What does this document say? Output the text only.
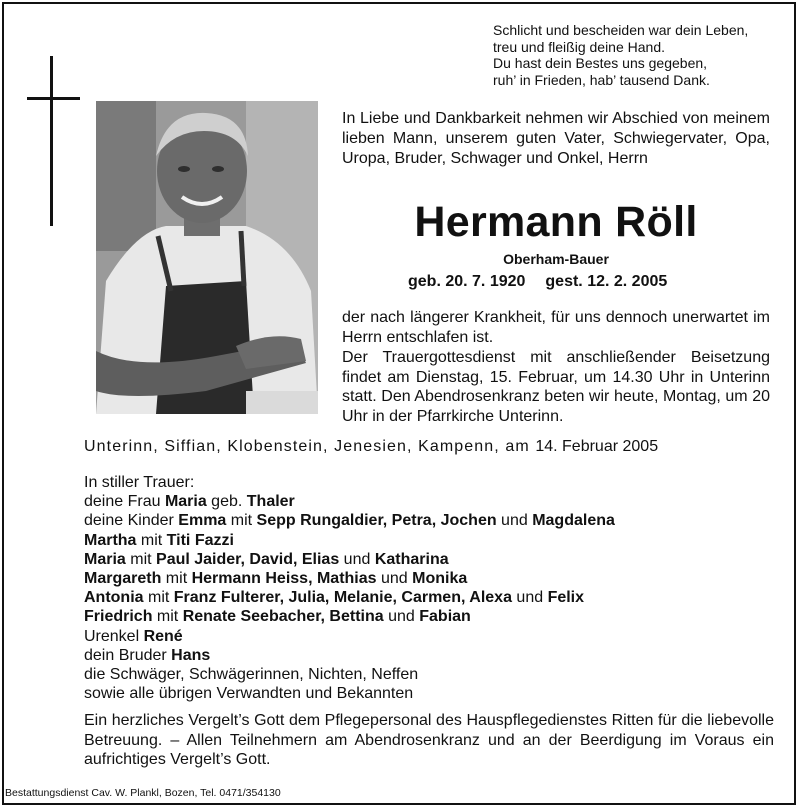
Schlicht und bescheiden war dein Leben,
treu und fleißig deine Hand.
Du hast dein Bestes uns gegeben,
ruh’ in Frieden, hab’ tausend Dank.
In Liebe und Dankbarkeit nehmen wir Abschied von meinem lieben Mann, unserem guten Vater, Schwiegervater, Opa, Uropa, Bruder, Schwager und Onkel, Herrn
Hermann Röll
Oberham-Bauer
geb. 20. 7. 1920 gest. 12. 2. 2005
der nach längerer Krankheit, für uns dennoch unerwartet im Herrn entschlafen ist.
Der Trauergottesdienst mit anschließender Beisetzung findet am Dienstag, 15. Februar, um 14.30 Uhr in Unterinn statt. Den Abendrosenkranz beten wir heute, Montag, um 20 Uhr in der Pfarrkirche Unterinn.
Unterinn, Siffian, Klobenstein, Jenesien, Kampenn, am 14. Februar 2005
In stiller Trauer:
deine Frau Maria geb. Thaler
deine Kinder Emma mit Sepp Rungaldier, Petra, Jochen und Magdalena
Martha mit Titi Fazzi
Maria mit Paul Jaider, David, Elias und Katharina
Margareth mit Hermann Heiss, Mathias und Monika
Antonia mit Franz Fulterer, Julia, Melanie, Carmen, Alexa und Felix
Friedrich mit Renate Seebacher, Bettina und Fabian
Urenkel René
dein Bruder Hans
die Schwäger, Schwägerinnen, Nichten, Neffen
sowie alle übrigen Verwandten und Bekannten
Ein herzliches Vergelt’s Gott dem Pflegepersonal des Hauspflegedienstes Ritten für die liebevolle Betreuung. – Allen Teilnehmern am Abendrosenkranz und an der Beerdigung im Voraus ein aufrichtiges Vergelt’s Gott.
Bestattungsdienst Cav. W. Plankl, Bozen, Tel. 0471/354130
